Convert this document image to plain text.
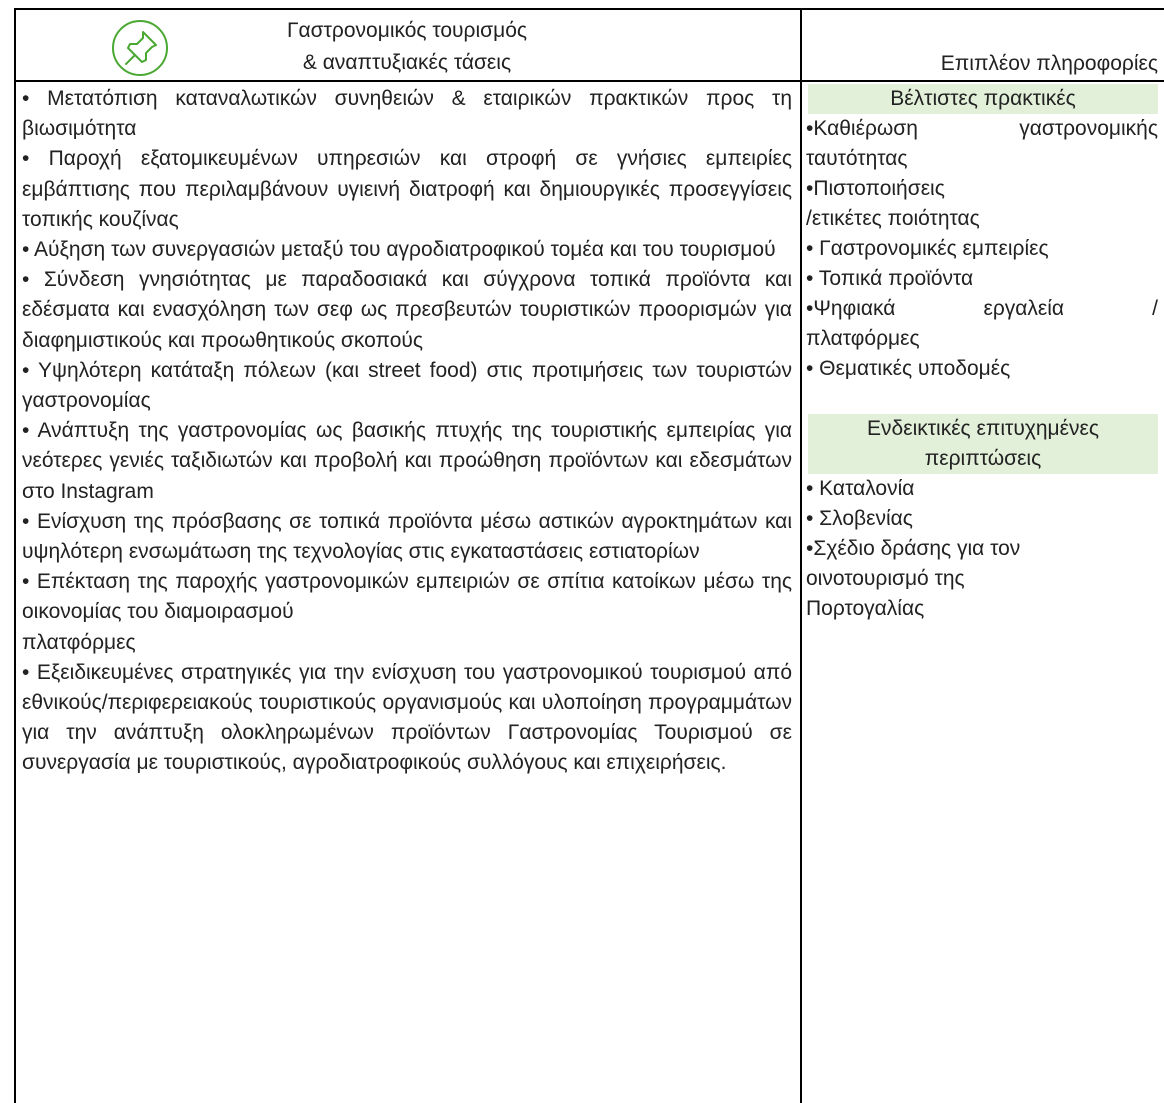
Γαστρονομικός τουρισμός
& αναπτυξιακές τάσεις	Επιπλέον πληροφορίες

• Μετατόπιση καταναλωτικών συνηθειών & εταιρικών πρακτικών προς τη βιωσιμότητα

• Παροχή εξατομικευμένων υπηρεσιών και στροφή σε γνήσιες εμπειρίες εμβάπτισης που περιλαμβάνουν υγιεινή διατροφή και δημιουργικές προσεγγίσεις τοπικής κουζίνας

• Αύξηση των συνεργασιών μεταξύ του αγροδιατροφικού τομέα και του τουρισμού

• Σύνδεση γνησιότητας με παραδοσιακά και σύγχρονα τοπικά προϊόντα και εδέσματα και ενασχόληση των σεφ ως πρεσβευτών τουριστικών προορισμών για διαφημιστικούς και προωθητικούς σκοπούς

• Υψηλότερη κατάταξη πόλεων (και street food) στις προτιμήσεις των τουριστών γαστρονομίας

• Ανάπτυξη της γαστρονομίας ως βασικής πτυχής της τουριστικής εμπειρίας για νεότερες γενιές ταξιδιωτών και προβολή και προώθηση προϊόντων και εδεσμάτων στο Instagram

• Ενίσχυση της πρόσβασης σε τοπικά προϊόντα μέσω αστικών αγροκτημάτων και υψηλότερη ενσωμάτωση της τεχνολογίας στις εγκαταστάσεις εστιατορίων

• Επέκταση της παροχής γαστρονομικών εμπειριών σε σπίτια κατοίκων μέσω της οικονομίας του διαμοιρασμού

πλατφόρμες

• Εξειδικευμένες στρατηγικές για την ενίσχυση του γαστρονομικού τουρισμού από εθνικούς/περιφερειακούς τουριστικούς οργανισμούς και υλοποίηση προγραμμάτων για την ανάπτυξη ολοκληρωμένων προϊόντων Γαστρονομίας Τουρισμού σε συνεργασία με τουριστικούς, αγροδιατροφικούς συλλόγους και επιχειρήσεις.

Βέλτιστες πρακτικές

•Καθιέρωση γαστρονομικής

ταυτότητας

•Πιστοποιήσεις

/ετικέτες ποιότητας

• Γαστρονομικές εμπειρίες

• Τοπικά προϊόντα

•Ψηφιακά εργαλεία /

πλατφόρμες

• Θεματικές υποδομές

Ενδεικτικές επιτυχημένες
περιπτώσεις

• Καταλονία

• Σλοβενίας

•Σχέδιο δράσης για τον

οινοτουρισμό της

Πορτογαλίας
